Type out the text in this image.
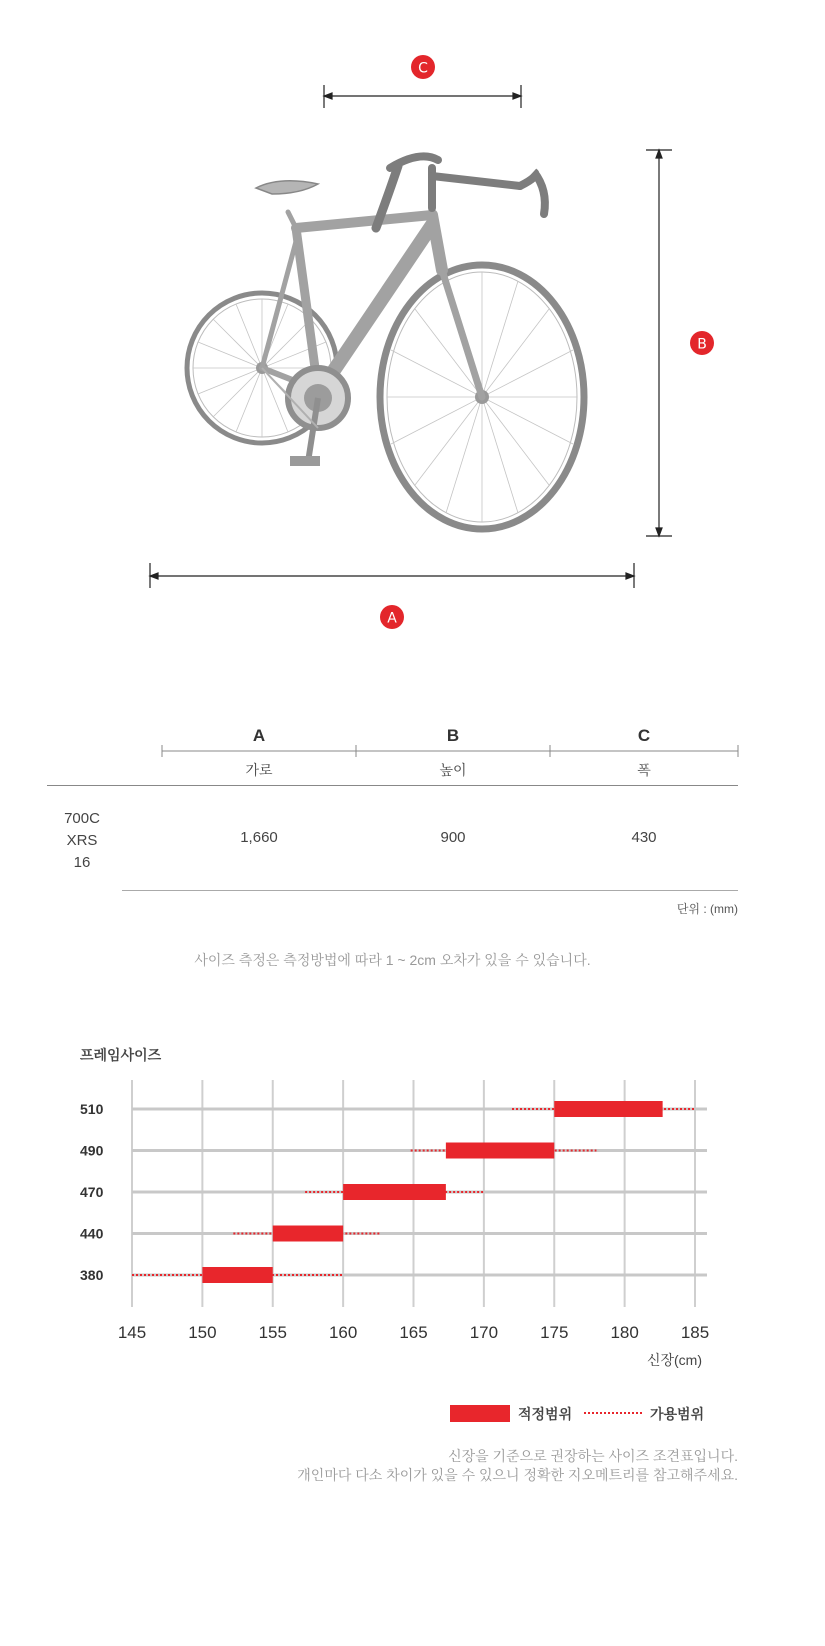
C
B
A
A	B	C
가로	높이	폭
700C
XRS
16
1,660	900	430
단위 : (mm)
사이즈 측정은 측정방법에 따라 1 ~ 2cm 오차가 있을 수 있습니다.
프레임사이즈
145 150 155 160 165 170 175 180 185
510
490
470
440
380
신장(cm)
적정범위	가용범위
신장을 기준으로 권장하는 사이즈 조견표입니다.
개인마다 다소 차이가 있을 수 있으니 정확한 지오메트리를 참고해주세요.
